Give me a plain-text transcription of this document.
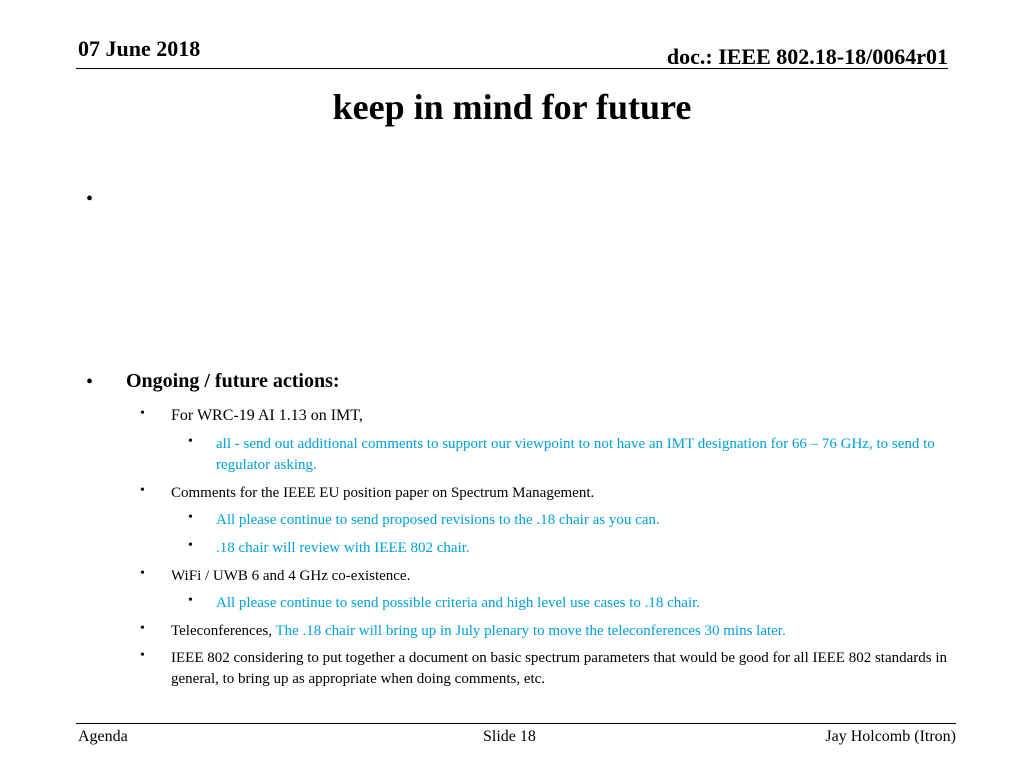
07 June 2018	doc.: IEEE 802.18-18/0064r01
keep in mind for future
•
• Ongoing / future actions:
• For WRC-19 AI 1.13 on IMT,
• all - send out additional comments to support our viewpoint to not have an IMT designation for 66 – 76 GHz, to send to regulator asking.
• Comments for the IEEE EU position paper on Spectrum Management.
• All please continue to send proposed revisions to the .18 chair as you can.
• .18 chair will review with IEEE 802 chair.
• WiFi / UWB 6 and 4 GHz co-existence.
• All please continue to send possible criteria and high level use cases to .18 chair.
• Teleconferences, The .18 chair will bring up in July plenary to move the teleconferences 30 mins later.
• IEEE 802 considering to put together a document on basic spectrum parameters that would be good for all IEEE 802 standards in general, to bring up as appropriate when doing comments, etc.
Agenda	Slide 18	Jay Holcomb (Itron)
